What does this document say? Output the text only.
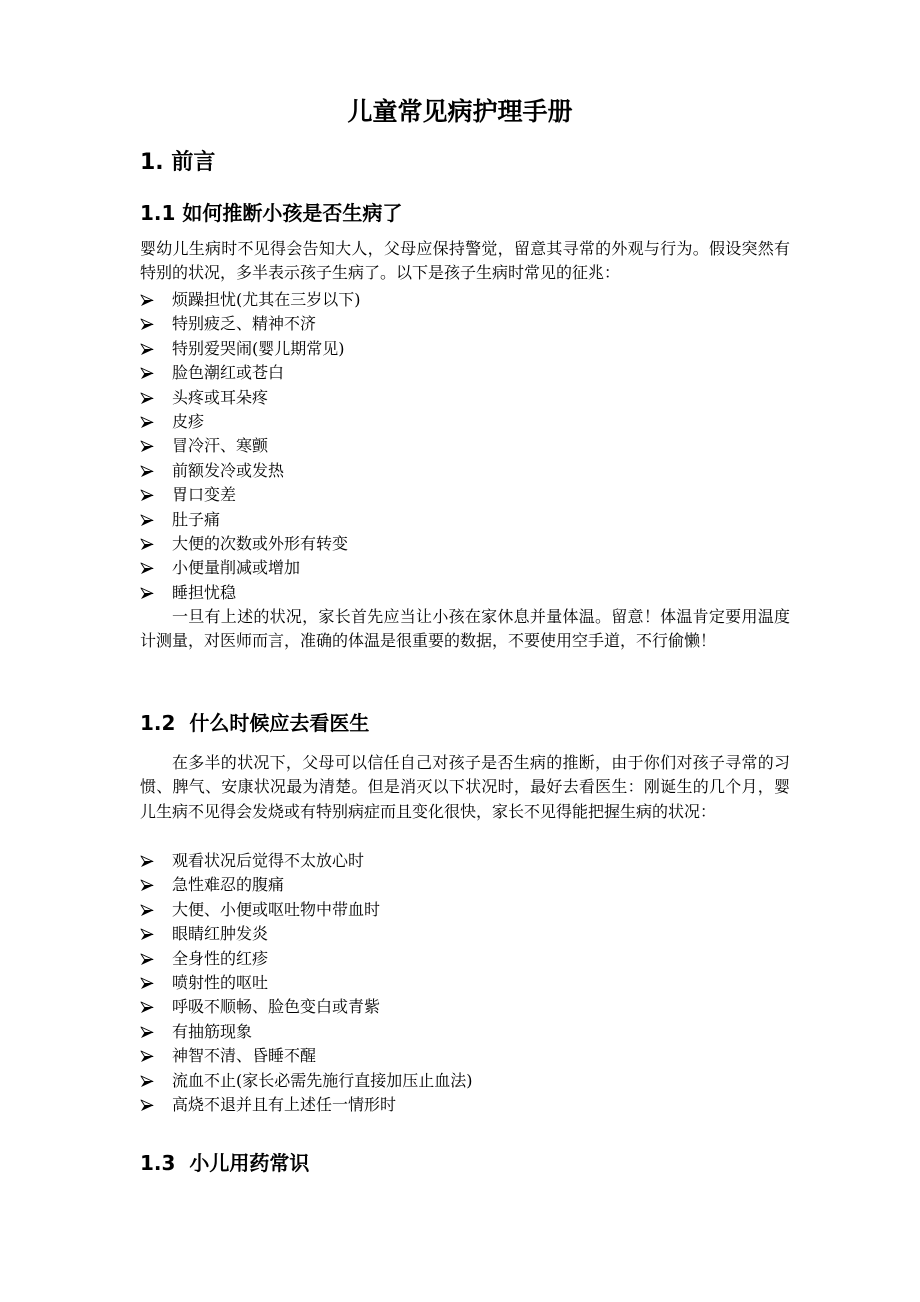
儿童常见病护理手册
1. 前言
1.1 如何推断小孩是否生病了

婴幼儿生病时不见得会告知大人，父母应保持警觉，留意其寻常的外观与行为。假设突然有特别的状况，多半表示孩子生病了。以下是孩子生病时常见的征兆：

烦躁担忧(尤其在三岁以下)
特别疲乏、精神不济
特别爱哭闹(婴儿期常见)
脸色潮红或苍白
头疼或耳朵疼
皮疹
冒冷汗、寒颤
前额发冷或发热
胃口变差
肚子痛
大便的次数或外形有转变
小便量削减或增加
睡担忧稳

一旦有上述的状况，家长首先应当让小孩在家休息并量体温。留意！体温肯定要用温度计测量，对医师而言，准确的体温是很重要的数据，不要使用空手道，不行偷懒！

1.2  什么时候应去看医生

在多半的状况下，父母可以信任自己对孩子是否生病的推断，由于你们对孩子寻常的习惯、脾气、安康状况最为清楚。但是消灭以下状况时，最好去看医生：刚诞生的几个月，婴儿生病不见得会发烧或有特别病症而且变化很快，家长不见得能把握生病的状况：

观看状况后觉得不太放心时
急性难忍的腹痛
大便、小便或呕吐物中带血时
眼睛红肿发炎
全身性的红疹
喷射性的呕吐
呼吸不顺畅、脸色变白或青紫
有抽筋现象
神智不清、昏睡不醒
流血不止(家长必需先施行直接加压止血法)
高烧不退并且有上述任一情形时
1.3  小儿用药常识
